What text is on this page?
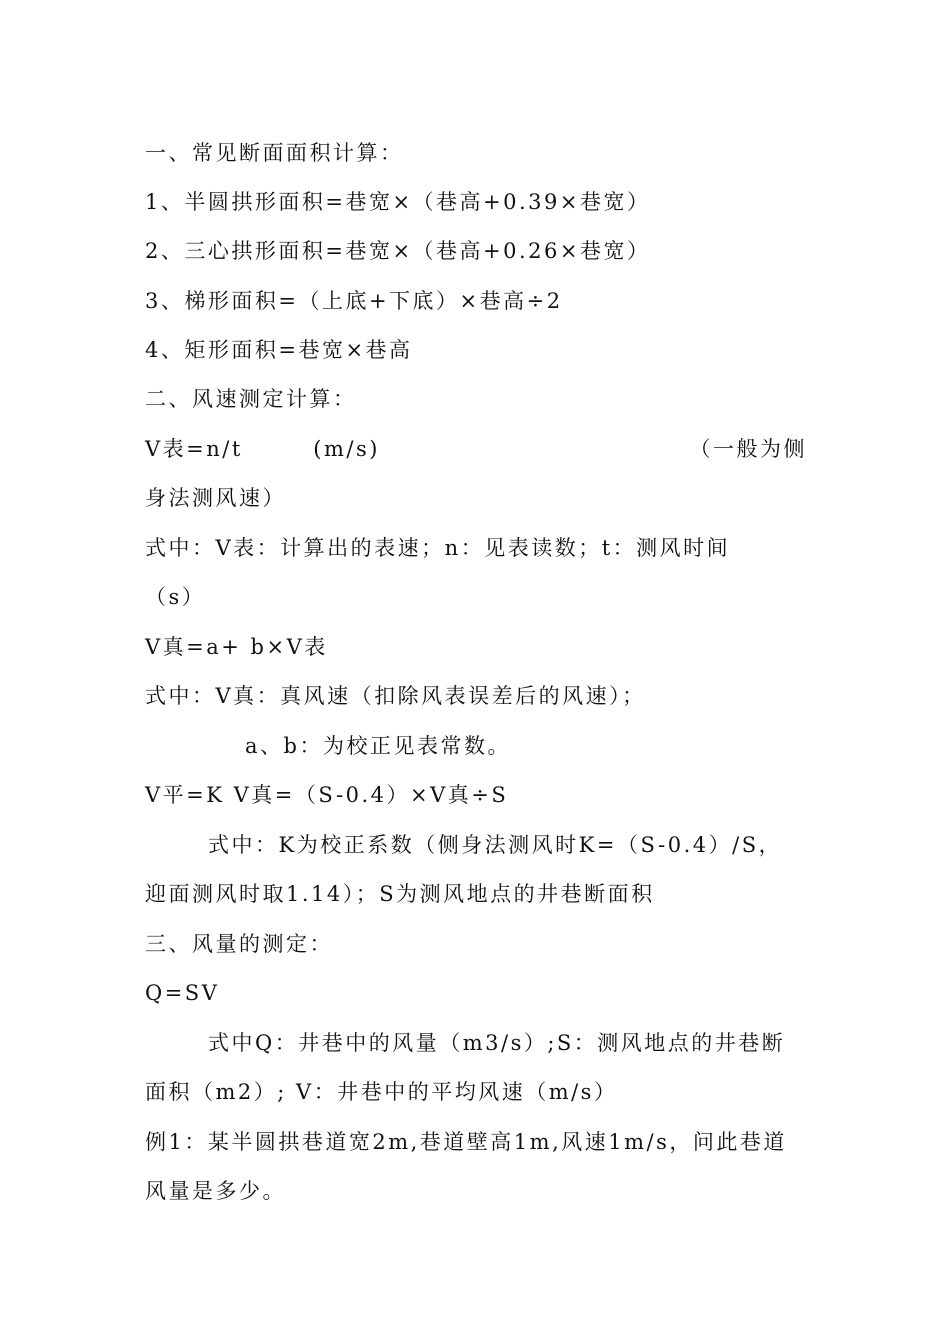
一、常见断面面积计算：
1、半圆拱形面积=巷宽×（巷高+0.39×巷宽）
2、三心拱形面积=巷宽×（巷高+0.26×巷宽）
3、梯形面积=（上底+下底）×巷高÷2
4、矩形面积=巷宽×巷高
二、风速测定计算：
V表=n/t　　　(m/s)	（一般为侧
身法测风速）
式中：V表：计算出的表速；n：见表读数；t：测风时间
（s）
V真=a+ b×V表
式中：V真：真风速（扣除风表误差后的风速）；
a、b：为校正见表常数。
V平=K V真=（S-0.4）×V真÷S
式中：K为校正系数（侧身法测风时K=（S-0.4）/S，
迎面测风时取1.14）；S为测风地点的井巷断面积
三、风量的测定：
Q=SV
式中Q：井巷中的风量（m3/s）;S：测风地点的井巷断
面积（m2）; V：井巷中的平均风速（m/s）
例1：某半圆拱巷道宽2m,巷道壁高1m,风速1m/s，问此巷道
风量是多少。
